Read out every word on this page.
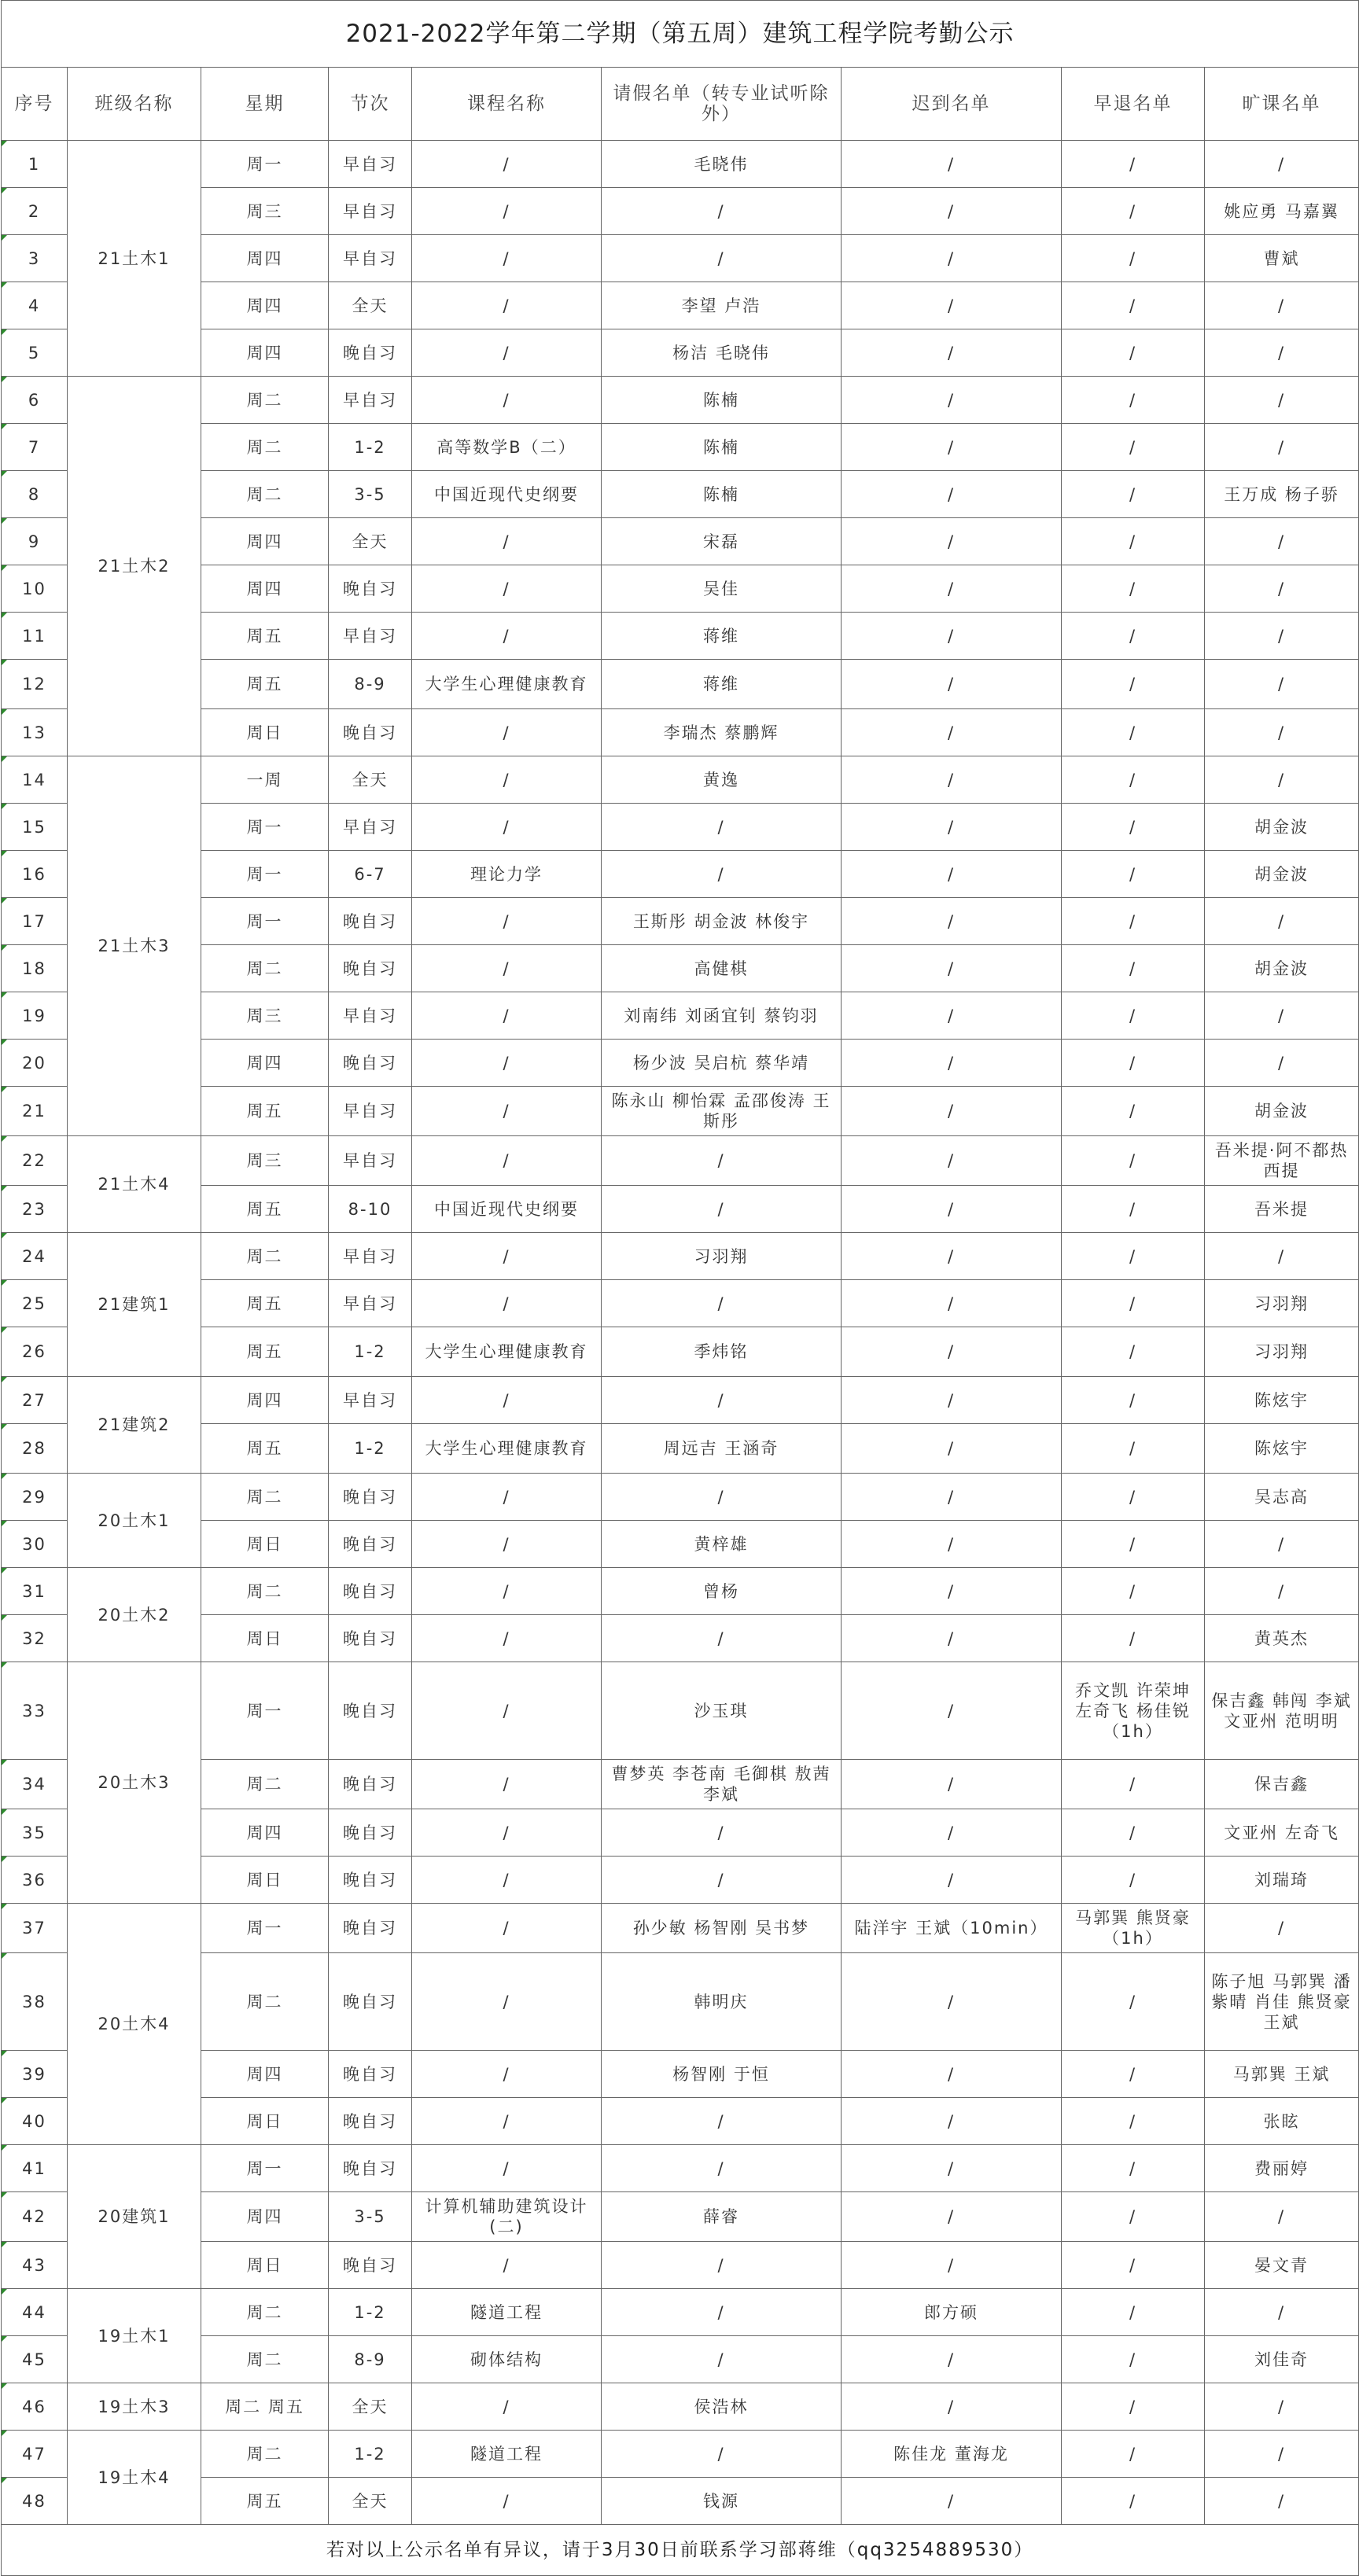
2021-2022学年第二学期（第五周）建筑工程学院考勤公示								
序号	班级名称	星期	节次	课程名称	请假名单（转专业试听除外）	迟到名单	早退名单	旷课名单
1	21土木1	周一	早自习	/	毛晓伟	/	/	/
2		周三	早自习	/	/	/	/	姚应勇 马嘉翼
3		周四	早自习	/	/	/	/	曹斌
4		周四	全天	/	李望 卢浩	/	/	/
5		周四	晚自习	/	杨洁 毛晓伟	/	/	/
6	21土木2	周二	早自习	/	陈楠	/	/	/
7		周二	1-2	高等数学B（二）	陈楠	/	/	/
8		周二	3-5	中国近现代史纲要	陈楠	/	/	王万成 杨子骄
9		周四	全天	/	宋磊	/	/	/
10		周四	晚自习	/	吴佳	/	/	/
11		周五	早自习	/	蒋维	/	/	/
12		周五	8-9	大学生心理健康教育	蒋维	/	/	/
13		周日	晚自习	/	李瑞杰 蔡鹏辉	/	/	/
14	21土木3	一周	全天	/	黄逸	/	/	/
15		周一	早自习	/	/	/	/	胡金波
16		周一	6-7	理论力学	/	/	/	胡金波
17		周一	晚自习	/	王斯彤 胡金波 林俊宇	/	/	/
18		周二	晚自习	/	高健棋	/	/	胡金波
19		周三	早自习	/	刘南纬 刘函宜钊 蔡钧羽	/	/	/
20		周四	晚自习	/	杨少波 吴启杭 蔡华靖	/	/	/
21		周五	早自习	/	陈永山 柳怡霖 孟邵俊涛 王斯彤	/	/	胡金波
22	21土木4	周三	早自习	/	/	/	/	吾米提·阿不都热西提
23		周五	8-10	中国近现代史纲要	/	/	/	吾米提
24	21建筑1	周二	早自习	/	习羽翔	/	/	/
25		周五	早自习	/	/	/	/	习羽翔
26		周五	1-2	大学生心理健康教育	季炜铭	/	/	习羽翔
27	21建筑2	周四	早自习	/	/	/	/	陈炫宇
28		周五	1-2	大学生心理健康教育	周远吉 王涵奇	/	/	陈炫宇
29	20土木1	周二	晚自习	/	/	/	/	吴志高
30		周日	晚自习	/	黄梓雄	/	/	/
31	20土木2	周二	晚自习	/	曾杨	/	/	/
32		周日	晚自习	/	/	/	/	黄英杰
33	20土木3	周一	晚自习	/	沙玉琪	/	乔文凯 许荣坤 左奇飞 杨佳锐（1h）	保吉鑫 韩闯 李斌 文亚州 范明明
34		周二	晚自习	/	曹梦英 李苍南 毛御棋 敖茜 李斌	/	/	保吉鑫
35		周四	晚自习	/	/	/	/	文亚州 左奇飞
36		周日	晚自习	/	/	/	/	刘瑞琦
37	20土木4	周一	晚自习	/	孙少敏 杨智刚 吴书梦	陆洋宇 王斌（10min）	马郭巽 熊贤豪（1h）	/
38		周二	晚自习	/	韩明庆	/	/	陈子旭 马郭巽 潘紫晴 肖佳 熊贤豪 王斌
39		周四	晚自习	/	杨智刚 于恒	/	/	马郭巽 王斌
40		周日	晚自习	/	/	/	/	张眩
41	20建筑1	周一	晚自习	/	/	/	/	费丽婷
42		周四	3-5	计算机辅助建筑设计(二)	薛睿	/	/	/
43		周日	晚自习	/	/	/	/	晏文青
44	19土木1	周二	1-2	隧道工程	/	郎方硕	/	/
45		周二	8-9	砌体结构	/	/	/	刘佳奇
46	19土木3	周二 周五	全天	/	侯浩林	/	/	/
47	19土木4	周二	1-2	隧道工程	/	陈佳龙 董海龙	/	/
48		周五	全天	/	钱源	/	/	/
若对以上公示名单有异议，请于3月30日前联系学习部蒋维（qq3254889530）								
